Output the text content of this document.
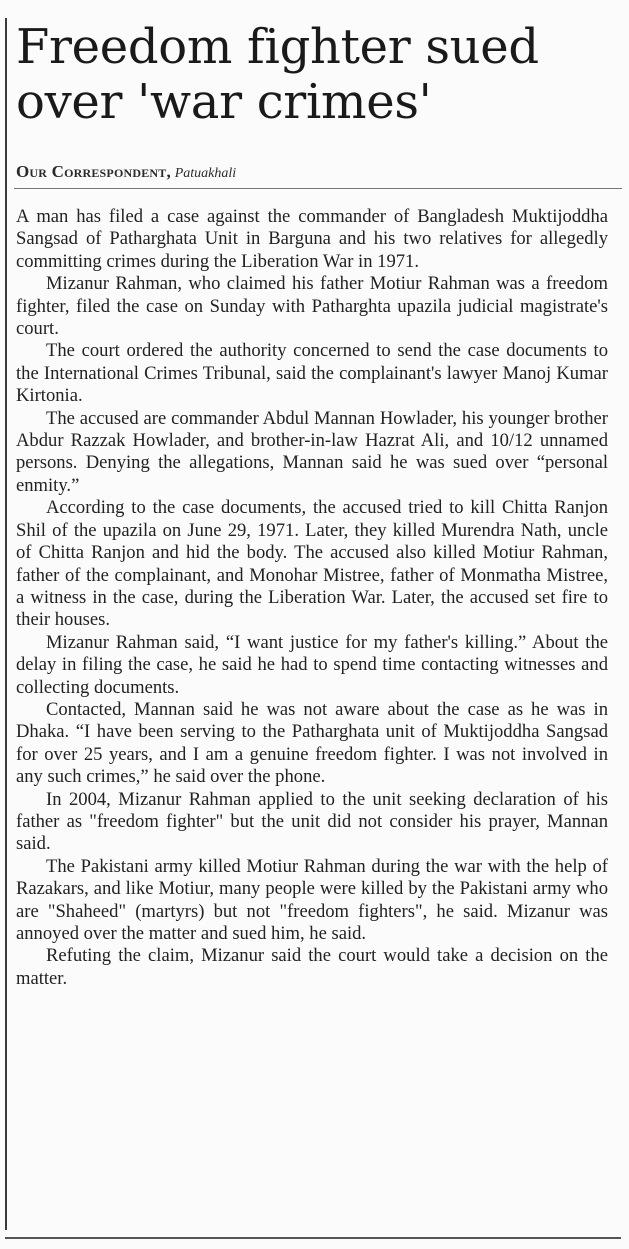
Freedom fighter sued over 'war crimes'
Our Correspondent, Patuakhali

A man has filed a case against the commander of Bangladesh Muktijoddha Sangsad of Patharghata Unit in Barguna and his two relatives for allegedly committing crimes during the Liberation War in 1971.

Mizanur Rahman, who claimed his father Motiur Rahman was a freedom fighter, filed the case on Sunday with Patharghta upazila judicial magistrate's court.

The court ordered the authority concerned to send the case documents to the International Crimes Tribunal, said the complainant's lawyer Manoj Kumar Kirtonia.

The accused are commander Abdul Mannan Howlader, his younger brother Abdur Razzak Howlader, and brother-in-law Hazrat Ali, and 10/12 unnamed persons. Denying the allegations, Mannan said he was sued over “personal enmity.”

According to the case documents, the accused tried to kill Chitta Ranjon Shil of the upazila on June 29, 1971. Later, they killed Murendra Nath, uncle of Chitta Ranjon and hid the body. The accused also killed Motiur Rahman, father of the complainant, and Monohar Mistree, father of Monmatha Mistree, a witness in the case, during the Liberation War. Later, the accused set fire to their houses.

Mizanur Rahman said, “I want justice for my father's killing.” About the delay in filing the case, he said he had to spend time contacting witnesses and collecting documents.

Contacted, Mannan said he was not aware about the case as he was in Dhaka. “I have been serving to the Patharghata unit of Muktijoddha Sangsad for over 25 years, and I am a genuine freedom fighter. I was not involved in any such crimes,” he said over the phone.

In 2004, Mizanur Rahman applied to the unit seeking declaration of his father as "freedom fighter" but the unit did not consider his prayer, Mannan said.

The Pakistani army killed Motiur Rahman during the war with the help of Razakars, and like Motiur, many people were killed by the Pakistani army who are "Shaheed" (martyrs) but not "freedom fighters", he said. Mizanur was annoyed over the matter and sued him, he said.

Refuting the claim, Mizanur said the court would take a decision on the matter.
